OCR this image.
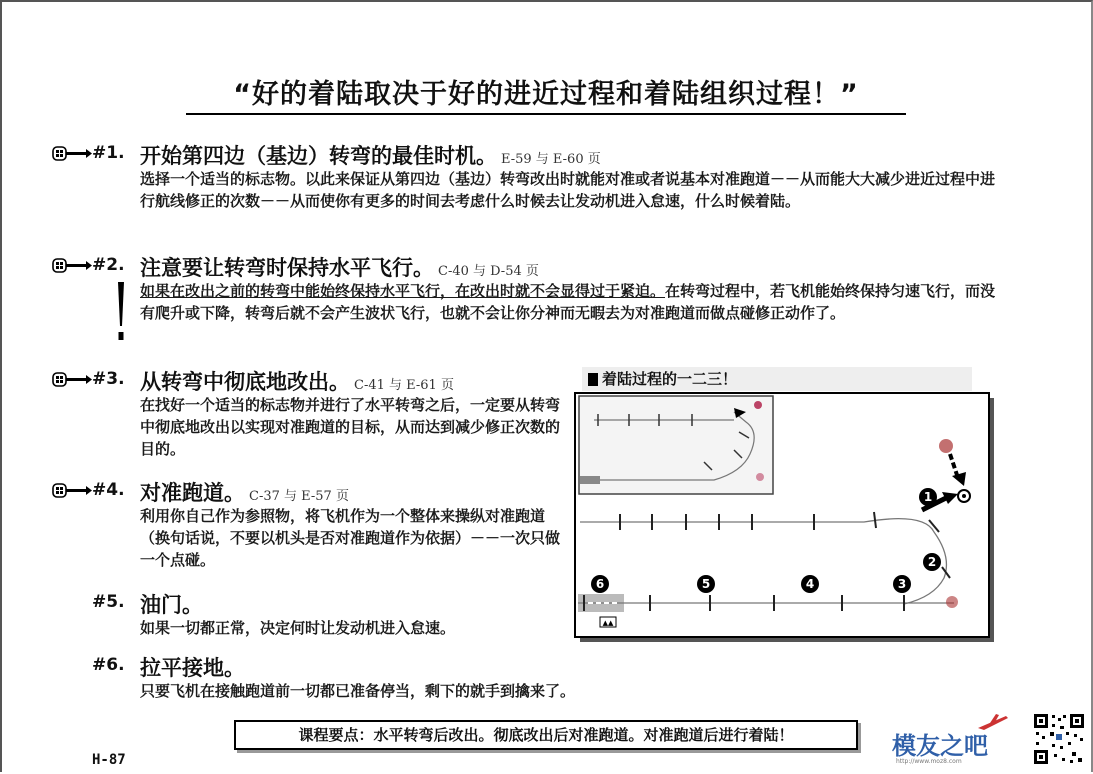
“好的着陆取决于好的进近过程和着陆组织过程！”
#1. 开始第四边（基边）转弯的最佳时机。 E-59 与 E-60 页
选择一个适当的标志物。以此来保证从第四边（基边）转弯改出时就能对准或者说基本对准跑道－－从而能大大减少进近过程中进行航线修正的次数－－从而使你有更多的时间去考虑什么时候去让发动机进入怠速，什么时候着陆。
#2. 注意要让转弯时保持水平飞行。 C-40 与 D-54 页
如果在改出之前的转弯中能始终保持水平飞行，在改出时就不会显得过于紧迫。在转弯过程中，若飞机能始终保持匀速飞行，而没有爬升或下降，转弯后就不会产生波状飞行，也就不会让你分神而无暇去为对准跑道而做点碰修正动作了。
#3. 从转弯中彻底地改出。 C-41 与 E-61 页
在找好一个适当的标志物并进行了水平转弯之后，一定要从转弯中彻底地改出以实现对准跑道的目标，从而达到减少修正次数的目的。
#4. 对准跑道。 C-37 与 E-57 页
利用你自己作为参照物，将飞机作为一个整体来操纵对准跑道（换句话说，不要以机头是否对准跑道作为依据）－－一次只做一个点碰。
#5. 油门。
如果一切都正常，决定何时让发动机进入怠速。
#6. 拉平接地。
只要飞机在接触跑道前一切都已准备停当，剩下的就手到擒来了。
着陆过程的一二三！
▲▲
1
2
3
4
5
6
课程要点：水平转弯后改出。彻底改出后对准跑道。对准跑道后进行着陆！
H-87	模友之吧
http://www.moz8.com
